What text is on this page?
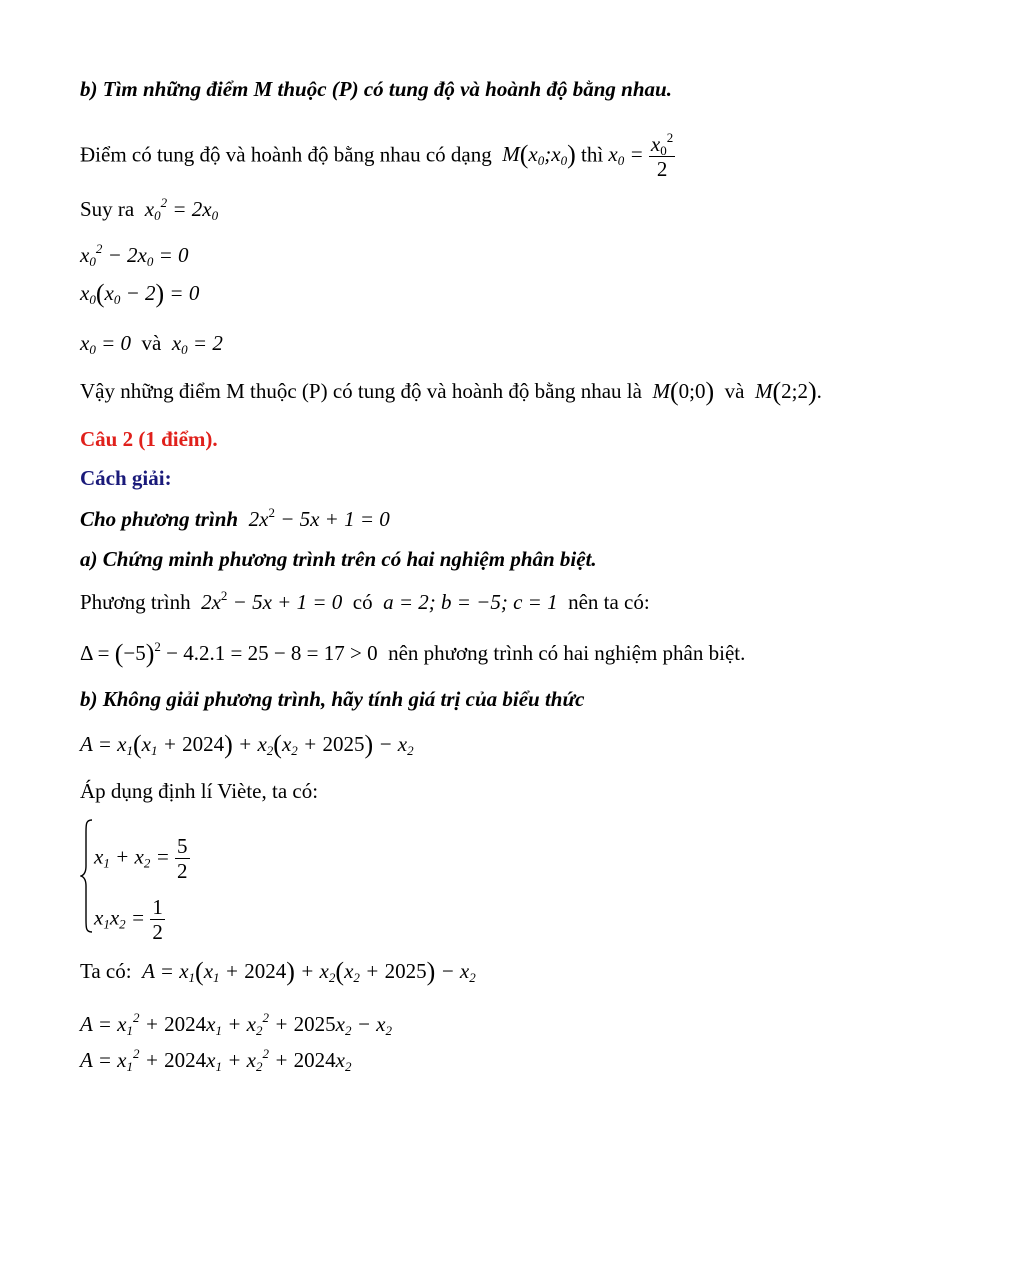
b) Tìm những điểm M thuộc (P) có tung độ và hoành độ bằng nhau.
Điểm có tung độ và hoành độ bằng nhau có dạng  $M(x_0;x_0)$ thì $x_0 = \frac{x_0^2}{2}$
Suy ra  $x_0^2 = 2x_0$
$x_0^2 - 2x_0 = 0$
$x_0(x_0 - 2) = 0$
$x_0 = 0$ và $x_0 = 2$
Vậy những điểm M thuộc (P) có tung độ và hoành độ bằng nhau là  M(0;0)  và  M(2;2).
Câu 2 (1 điểm).
Cách giải:
Cho phương trình  $2x^2 - 5x + 1 = 0$
a) Chứng minh phương trình trên có hai nghiệm phân biệt.
Phương trình  $2x^2 - 5x + 1 = 0$  có  a = 2; b = −5; c = 1  nên ta có:
$\Delta = (-5)^2 - 4.2.1 = 25 - 8 = 17 > 0$  nên phương trình có hai nghiệm phân biệt.
b) Không giải phương trình, hãy tính giá trị của biểu thức
$A = x_1(x_1 + 2024) + x_2(x_2 + 2025) - x_2$
Áp dụng định lí Viète, ta có:
$x_1 + x_2 = \frac{5}{2}$
$x_1x_2 = \frac{1}{2}$
Ta có:  $A = x_1(x_1 + 2024) + x_2(x_2 + 2025) - x_2$
$A = x_1^2 + 2024x_1 + x_2^2 + 2025x_2 - x_2$
$A = x_1^2 + 2024x_1 + x_2^2 + 2024x_2$
